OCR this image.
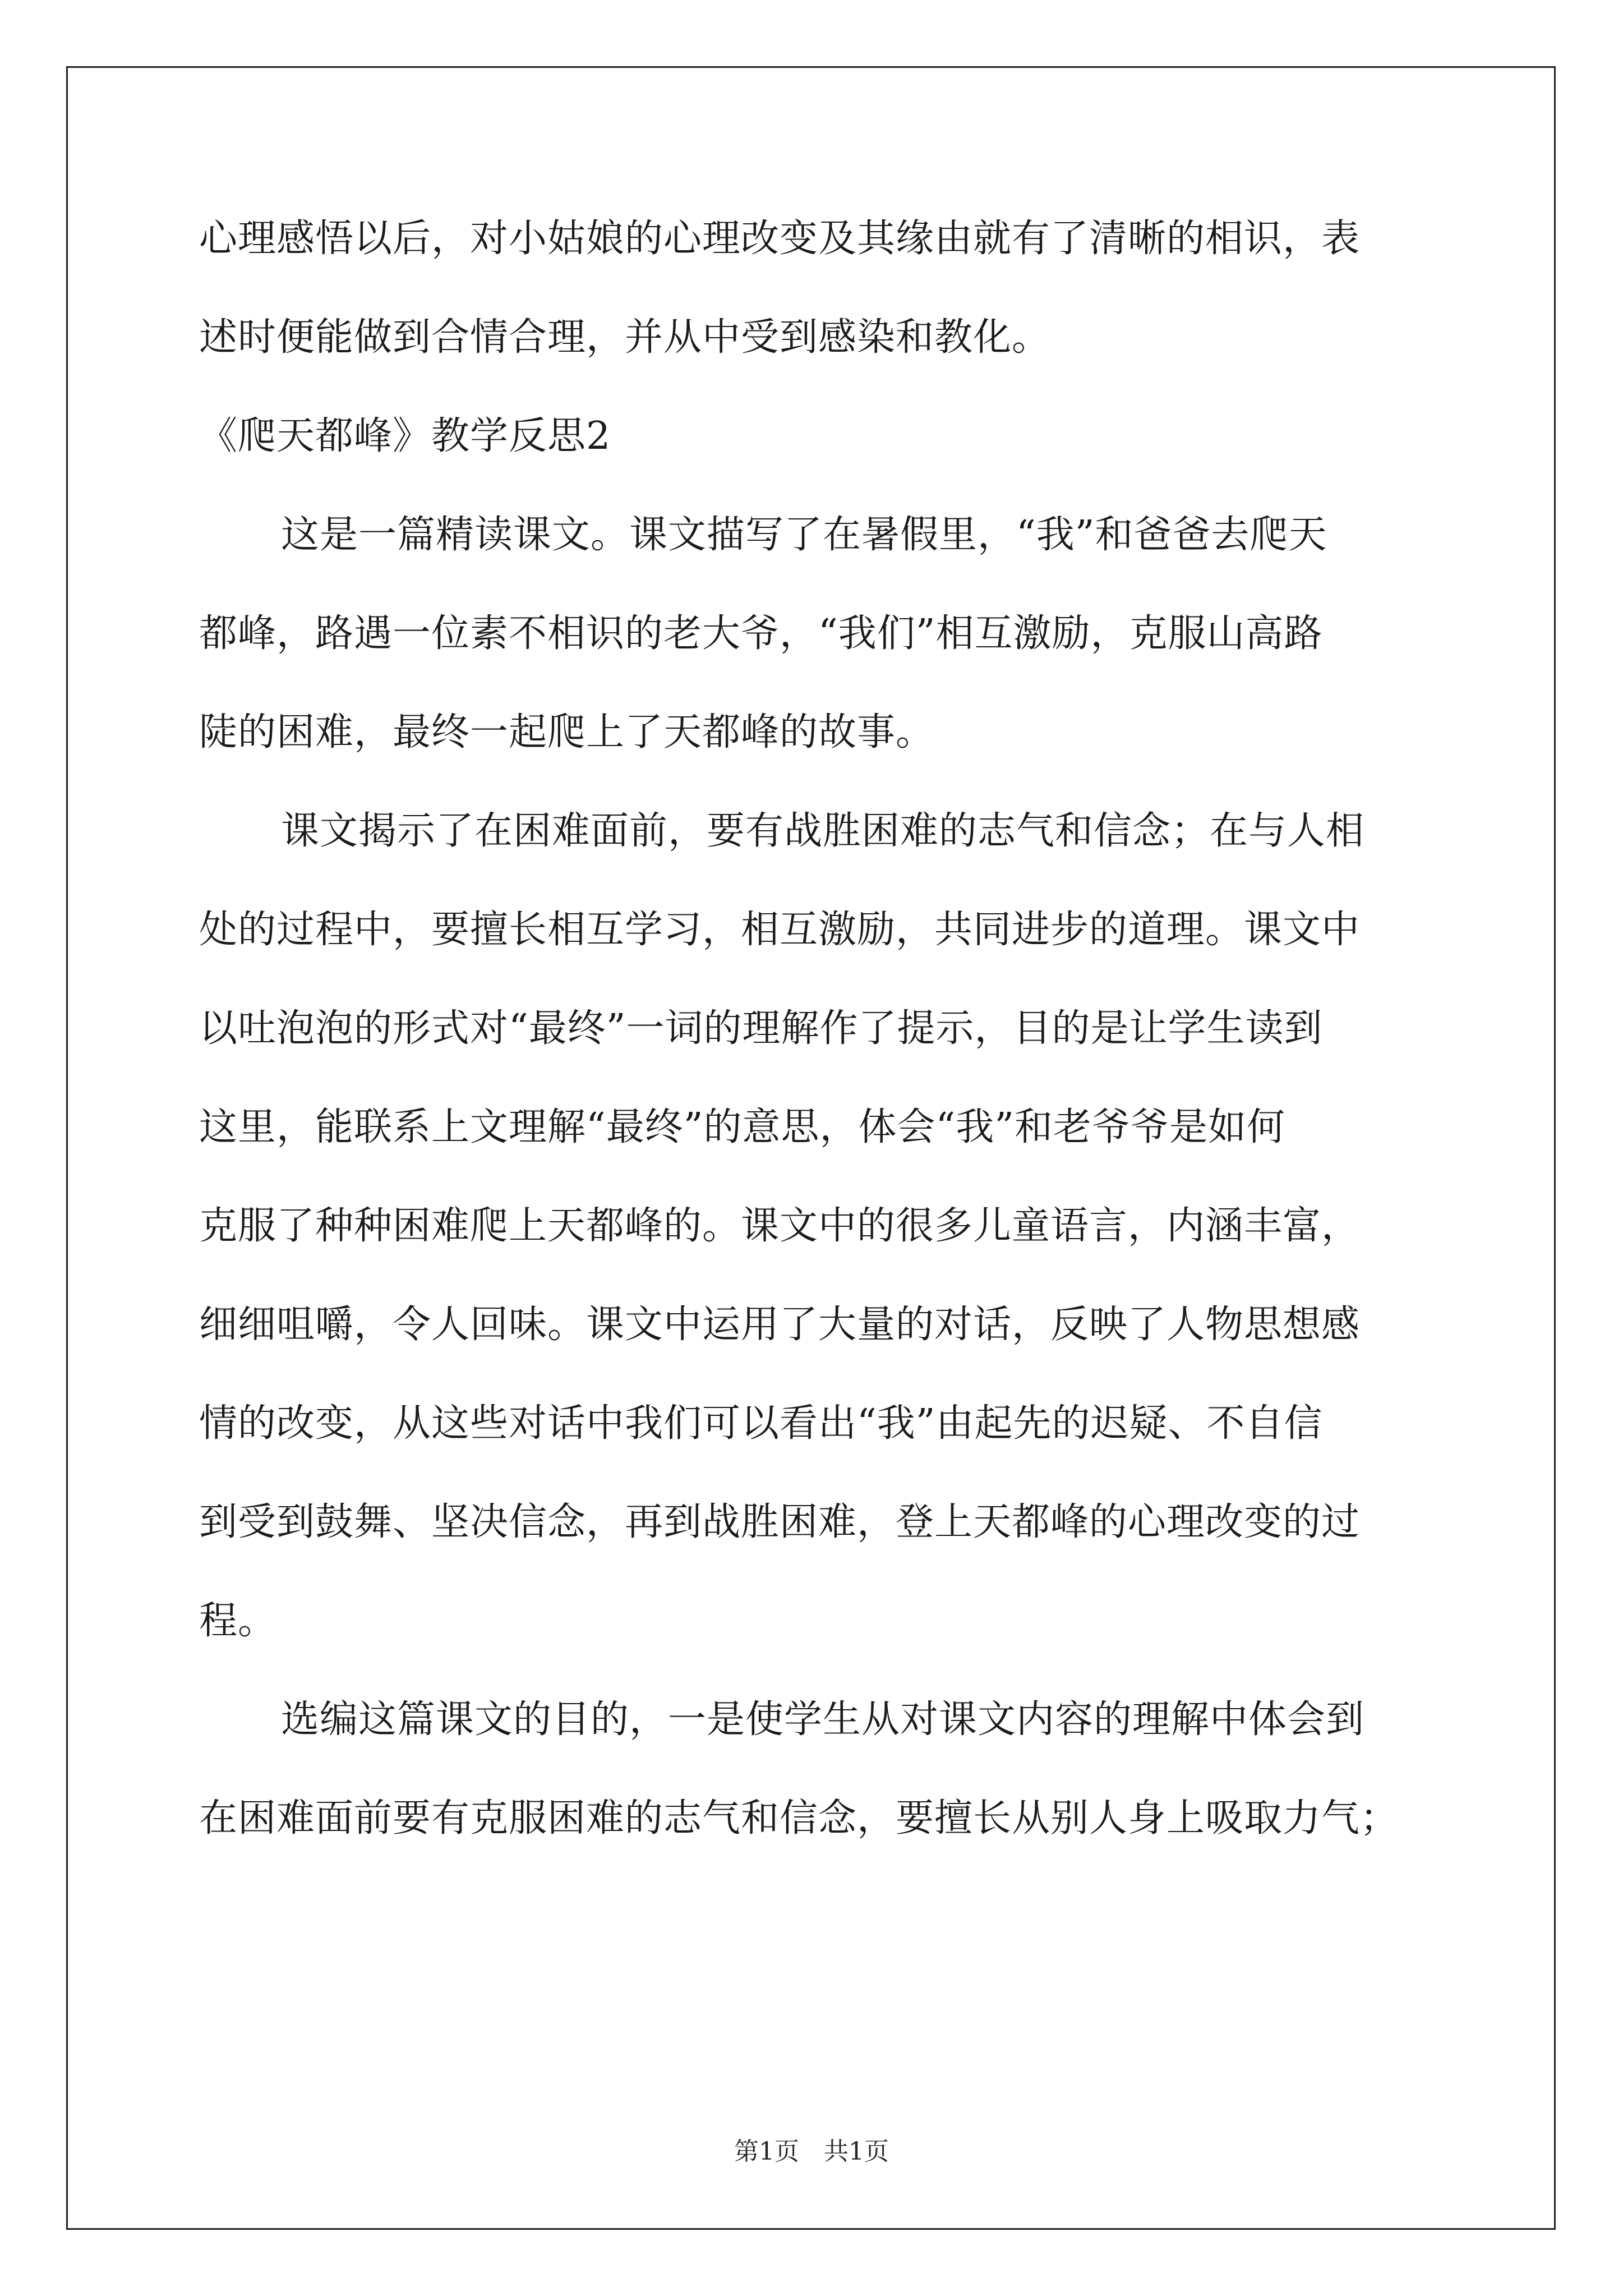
心理感悟以后，对小姑娘的心理改变及其缘由就有了清晰的相识，表
述时便能做到合情合理，并从中受到感染和教化。
《爬天都峰》教学反思2
这是一篇精读课文。课文描写了在暑假里，“我”和爸爸去爬天
都峰，路遇一位素不相识的老大爷，“我们”相互激励，克服山高路
陡的困难，最终一起爬上了天都峰的故事。
课文揭示了在困难面前，要有战胜困难的志气和信念；在与人相
处的过程中，要擅长相互学习，相互激励，共同进步的道理。课文中
以吐泡泡的形式对“最终”一词的理解作了提示，目的是让学生读到
这里，能联系上文理解“最终”的意思，体会“我”和老爷爷是如何
克服了种种困难爬上天都峰的。课文中的很多儿童语言，内涵丰富，
细细咀嚼，令人回味。课文中运用了大量的对话，反映了人物思想感
情的改变，从这些对话中我们可以看出“我”由起先的迟疑、不自信
到受到鼓舞、坚决信念，再到战胜困难，登上天都峰的心理改变的过
程。
选编这篇课文的目的，一是使学生从对课文内容的理解中体会到
在困难面前要有克服困难的志气和信念，要擅长从别人身上吸取力气；
第1页　共1页
